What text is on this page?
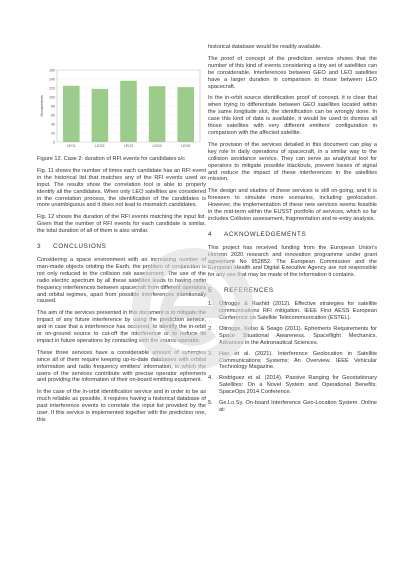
0
20
40
60
80
100
120
140
160
Occurrences
LEO1	LEO2	LEO3	LEO4	LEO5

Figure 12. Case 2: duration of RFI events for candidates s/c

Fig. 11 shows the number of times each candidate has an RFI event in the historical list that matches any of the RFI events used as input. The results show the correlation tool is able to properly identify all the candidates. When only LEO satellites are considered in the correlation process, the identification of the candidates is more unambiguous and it does not lead to mismatch candidates.

Fig. 12 shows the duration of the RFI events matching the input list. Given that the number of RFI events for each candidate is similar, the total duration of all of them is also similar.

3 CONCLUSIONS

Considering a space environment with an increasing number of man-made objects orbiting the Earth, the problem of conjunction is not only reduced to the collision risk assessment. The use of the radio electric spectrum by all these satellites leads to having radio frequency interferences between spacecraft from different operators and orbital regimes, apart from possible interferences intentionally caused.

The aim of the services presented in this document is to mitigate the impact of any future interference by using the prediction service, and in case that a interference has occurred, to identify the in-orbit or on-ground source to cut-off the interference or to reduce its impact in future operations by contacting with the source operator.

These three services have a considerable amount of synergies since all of them require keeping up-to-date databases with orbital information and radio frequency emitters' information, in which the users of the services contribute with precise operator ephemeris and providing the information of their on-board emitting equipment.

In the case of the in-orbit identification service and in order to be as much reliable as possible, it requires having a historical database of past interference events to correlate the input list provided by the user. If this service is implemented together with the prediction one, this

historical database would be readily available.

The proof of concept of the prediction service shows that the number of this kind of events considering a tiny set of satellites can be considerable. Interferences between GEO and LEO satellites have a larger duration in comparison to those between LEO spacecraft.

In the in-orbit source identification proof of concept, it is clear that when trying to differentiate between GEO satellites located within the same longitude slot, the identification can be wrongly done. In case this kind of data is available, it would be used to dismiss all those satellites with very different emitters' configuration in comparison with the affected satellite.

The provision of the services detailed in this document can play a key role in daily operations of spacecraft, in a similar way to the collision avoidance service. They can serve as analytical tool for operators to mitigate possible blackouts, prevent losses of signal and reduce the impact of these interferences in the satellites mission.

The design and studies of these services is still on-going, and it is foreseen to simulate more scenarios, including geolocation. However, the implementation of these new services seems feasible in the mid-term within the EUSST portfolio of services, which so far includes Collision assessment, fragmentation and re-entry analysis.

4 ACKNOWLEDGEMENTS

This project has received funding from the European Union's Horizon 2020 research and innovation programme under grant agreement No 952852. The European Commission and the European Health and Digital Executive Agency are not responsible for any use that may be made of the information it contains.

5 REFERENCES
1.	Oltrogge & Rashid (2012). Effective strategies for satellite communications RFI mitigation. IEEE First AESS European Conference on Satellite Telecommunication (ESTEL).
2.	Oltrogge, Kelso & Seago (2011). Ephemeris Requirements for Space Situational Awareness. Spaceflight Mechanics. Advances in the Astronautical Sciences.
3.	Hao et al. (2021). Interference Geolocation in Satellite Communications Systems: An Overview. IEEE Vehicular Technology Magazine.
4.	Rodriguez et al. (2014). Passive Ranging for Geostationary Satellites: On a Novel System and Operational Benefits. SpaceOps 2014 Conference.
5.	Ge.Lo.Sy. On-board Interference Geo-Location System. Online at:
